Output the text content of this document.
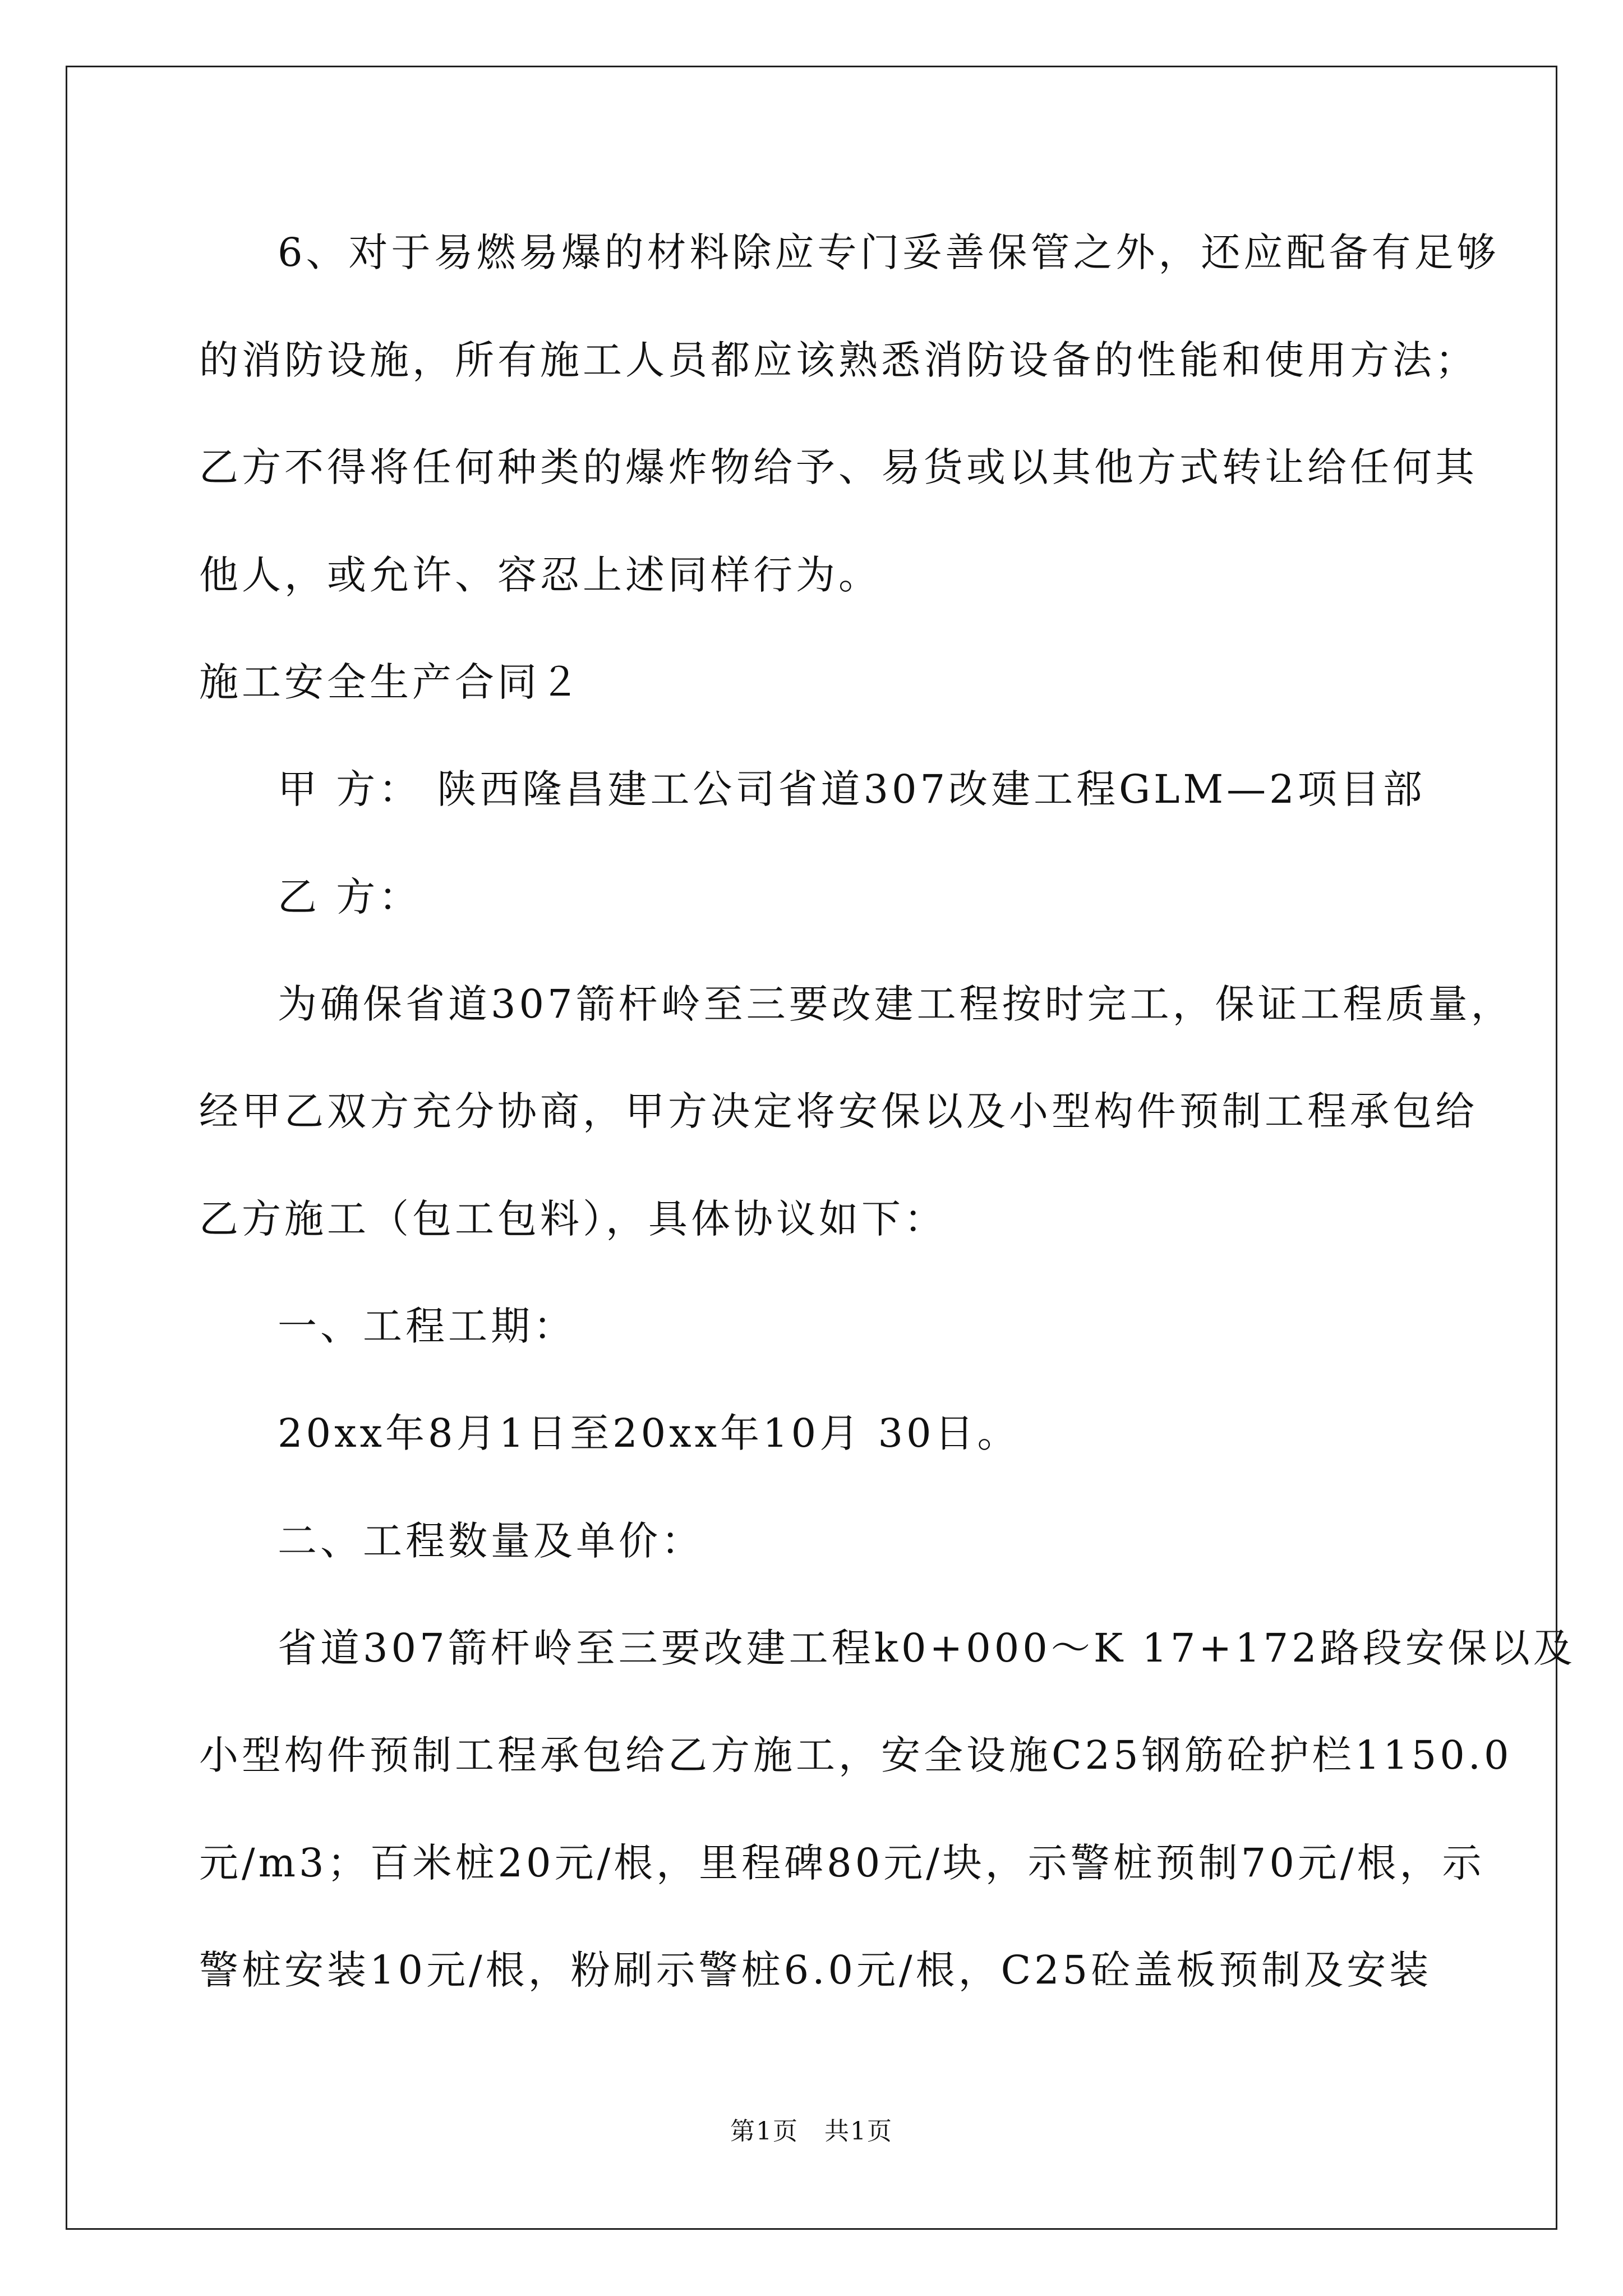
6、对于易燃易爆的材料除应专门妥善保管之外，还应配备有足够
的消防设施，所有施工人员都应该熟悉消防设备的性能和使用方法；
乙方不得将任何种类的爆炸物给予、易货或以其他方式转让给任何其
他人，或允许、容忍上述同样行为。
施工安全生产合同２
甲 方： 陕西隆昌建工公司省道307改建工程GLM—2项目部
乙 方：
为确保省道307箭杆岭至三要改建工程按时完工，保证工程质量，
经甲乙双方充分协商，甲方决定将安保以及小型构件预制工程承包给
乙方施工（包工包料），具体协议如下：
一、工程工期：
20xx年8月1日至20xx年10月 30日。
二、工程数量及单价：
省道307箭杆岭至三要改建工程k0+000～K 17+172路段安保以及
小型构件预制工程承包给乙方施工，安全设施C25钢筋砼护栏1150.0
元/m3；百米桩20元/根，里程碑80元/块，示警桩预制70元/根，示
警桩安装10元/根，粉刷示警桩6.0元/根，C25砼盖板预制及安装
第1页　共1页
